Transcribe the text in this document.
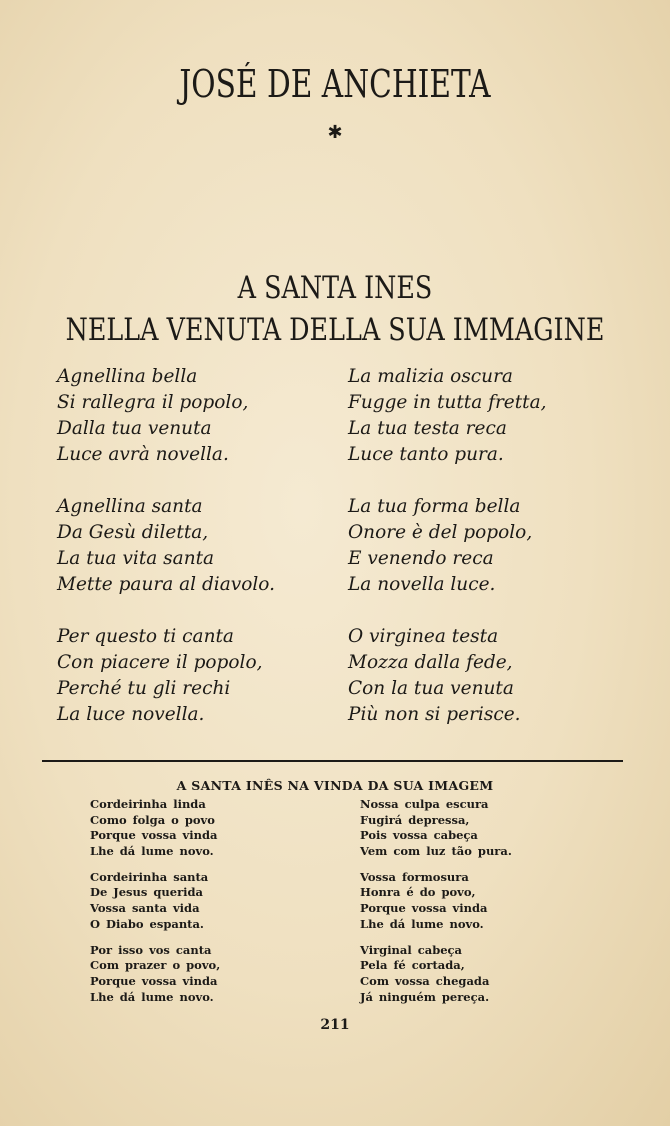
JOSÉ DE ANCHIETA
✱
A SANTA INES
NELLA VENUTA DELLA SUA IMMAGINE
Agnellina bella
Si rallegra il popolo,
Dalla tua venuta
Luce avrà novella.
Agnellina santa
Da Gesù diletta,
La tua vita santa
Mette paura al diavolo.
Per questo ti canta
Con piacere il popolo,
Perché tu gli rechi
La luce novella.
La malizia oscura
Fugge in tutta fretta,
La tua testa reca
Luce tanto pura.
La tua forma bella
Onore è del popolo,
E venendo reca
La novella luce.
O virginea testa
Mozza dalla fede,
Con la tua venuta
Più non si perisce.
A SANTA INÊS NA VINDA DA SUA IMAGEM
Cordeirinha linda
Como folga o povo
Porque vossa vinda
Lhe dá lume novo.
Cordeirinha santa
De Jesus querida
Vossa santa vida
O Diabo espanta.
Por isso vos canta
Com prazer o povo,
Porque vossa vinda
Lhe dá lume novo.
Nossa culpa escura
Fugirá depressa,
Pois vossa cabeça
Vem com luz tão pura.
Vossa formosura
Honra é do povo,
Porque vossa vinda
Lhe dá lume novo.
Virginal cabeça
Pela fé cortada,
Com vossa chegada
Já ninguém pereça.
211
